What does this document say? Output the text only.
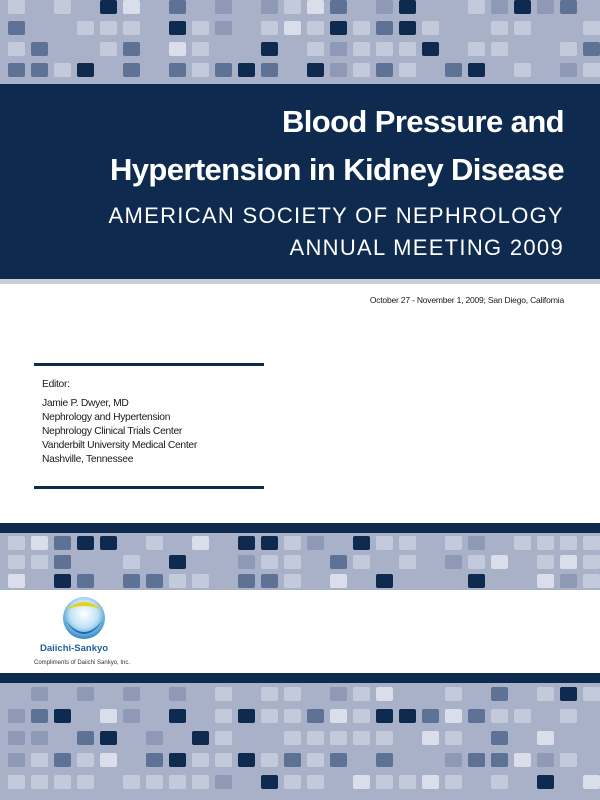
Blood Pressure and
Hypertension in Kidney Disease
AMERICAN SOCIETY OF NEPHROLOGY
ANNUAL MEETING 2009
October 27 - November 1, 2009; San Diego, California
Editor:
Jamie P. Dwyer, MD
Nephrology and Hypertension
Nephrology Clinical Trials Center
Vanderbilt University Medical Center
Nashville, Tennessee
Daiichi-Sankyo
Compliments of Daiichi Sankyo, Inc.
